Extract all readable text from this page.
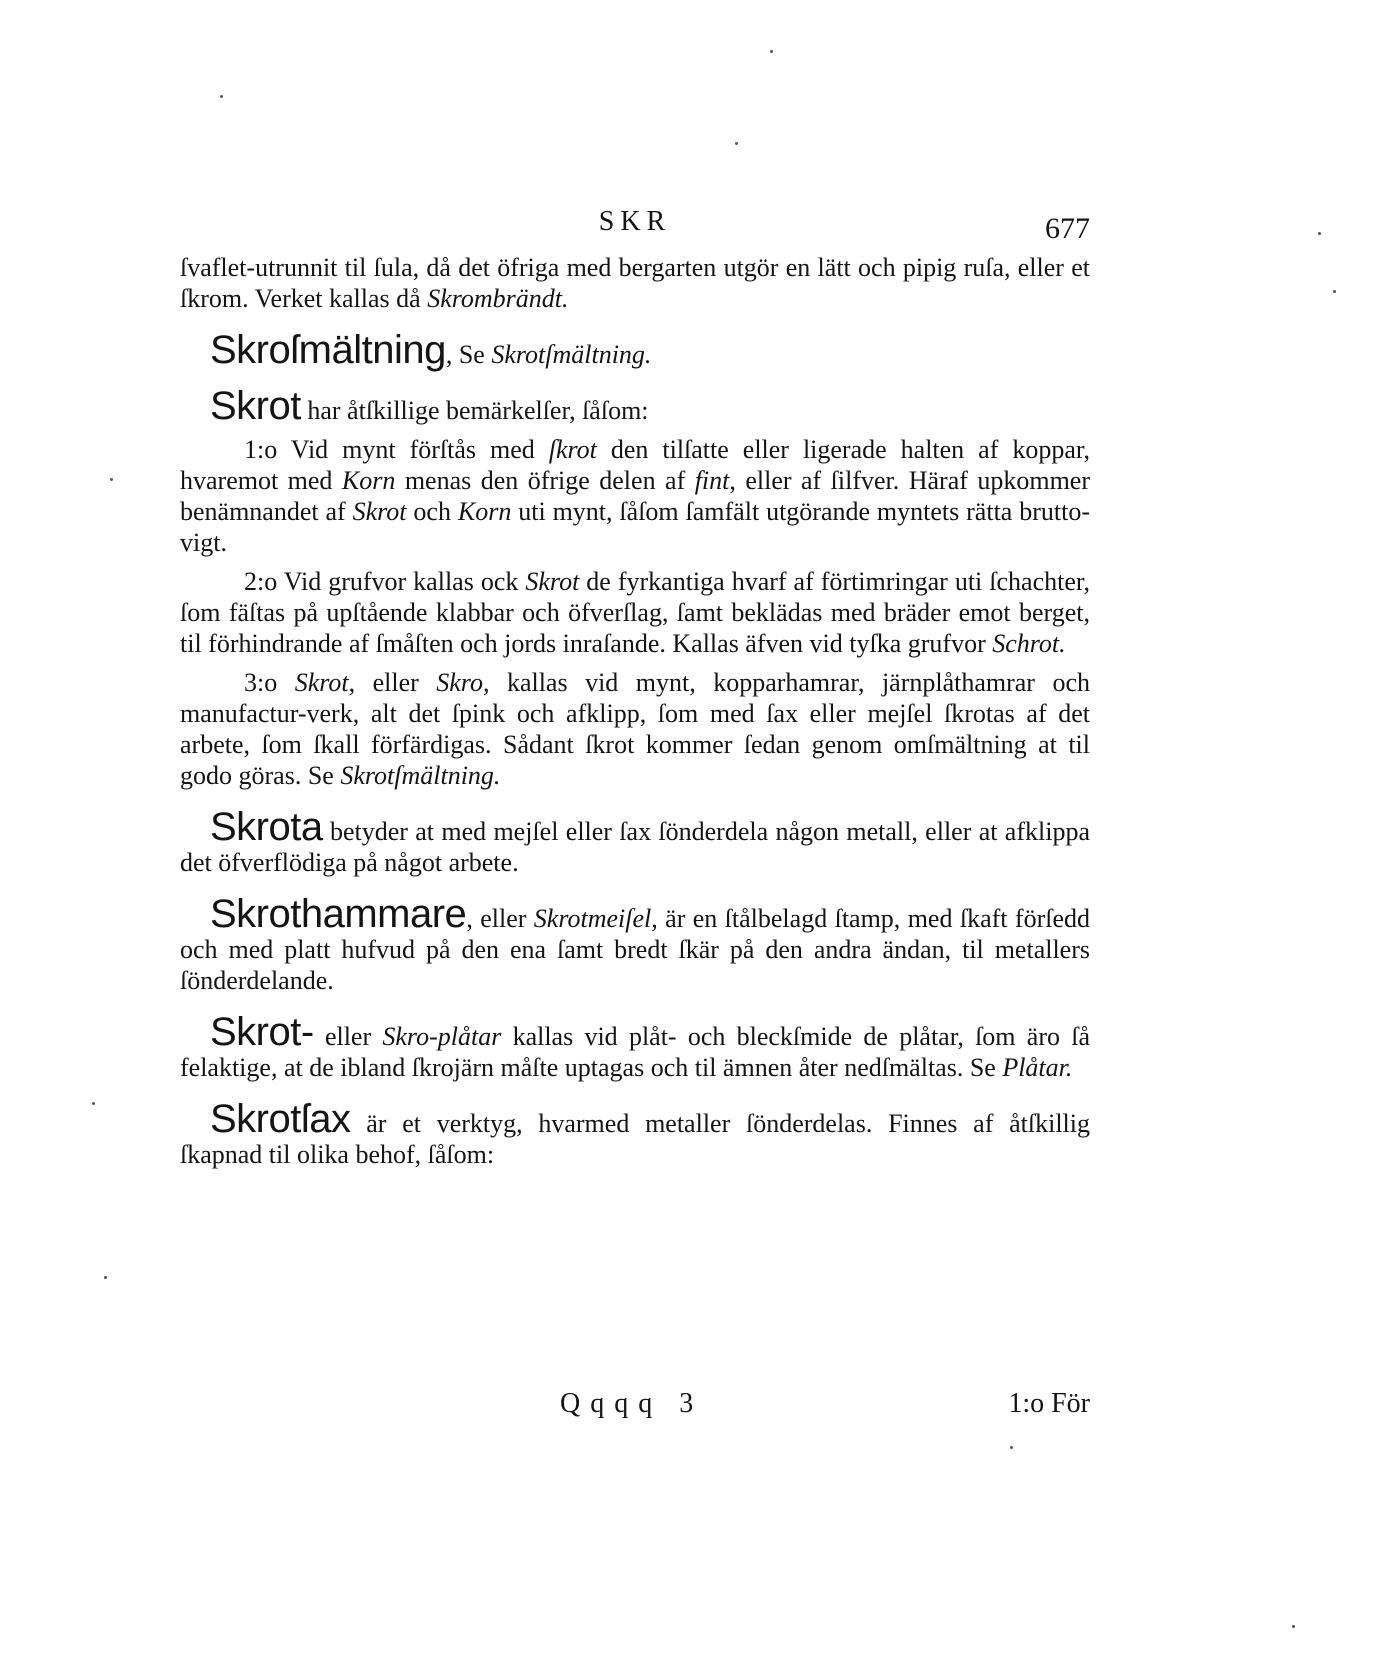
SKR	677

ſvaflet-utrunnit til ſula, då det öfriga med bergarten utgör en lätt och pipig ruſa, eller et ſkrom. Verket kallas då Skrombrändt.

Skroſmältning, Se Skrotſmältning.

Skrot har åtſkillige bemärkelſer, ſåſom:

1:o Vid mynt förſtås med ſkrot den tilſatte eller ligerade halten af koppar, hvaremot med Korn menas den öfrige delen af fint, eller af ſilfver. Häraf upkommer benämnandet af Skrot och Korn uti mynt, ſåſom ſamfält utgörande myntets rätta brutto-vigt.

2:o Vid grufvor kallas ock Skrot de fyrkantiga hvarf af förtimringar uti ſchachter, ſom fäſtas på upſtående klabbar och öfverſlag, ſamt beklädas med bräder emot berget, til förhindrande af ſmåſten och jords inraſande. Kallas äfven vid tyſka grufvor Schrot.

3:o Skrot, eller Skro, kallas vid mynt, kopparhamrar, järnplåthamrar och manufactur-verk, alt det ſpink och afklipp, ſom med ſax eller mejſel ſkrotas af det arbete, ſom ſkall förfärdigas. Sådant ſkrot kommer ſedan genom omſmältning at til godo göras. Se Skrotſmältning.

Skrota betyder at med mejſel eller ſax ſönderdela någon metall, eller at afklippa det öfverflödiga på något arbete.

Skrothammare, eller Skrotmeiſel, är en ſtålbelagd ſtamp, med ſkaft förſedd och med platt hufvud på den ena ſamt bredt ſkär på den andra ändan, til metallers ſönderdelande.

Skrot- eller Skro-plåtar kallas vid plåt- och bleckſmide de plåtar, ſom äro ſå felaktige, at de ibland ſkrojärn måſte uptagas och til ämnen åter nedſmältas. Se Plåtar.

Skrotſax är et verktyg, hvarmed metaller ſönderdelas. Finnes af åtſkillig ſkapnad til olika behof, ſåſom:

Qqqq 3	1:o För
